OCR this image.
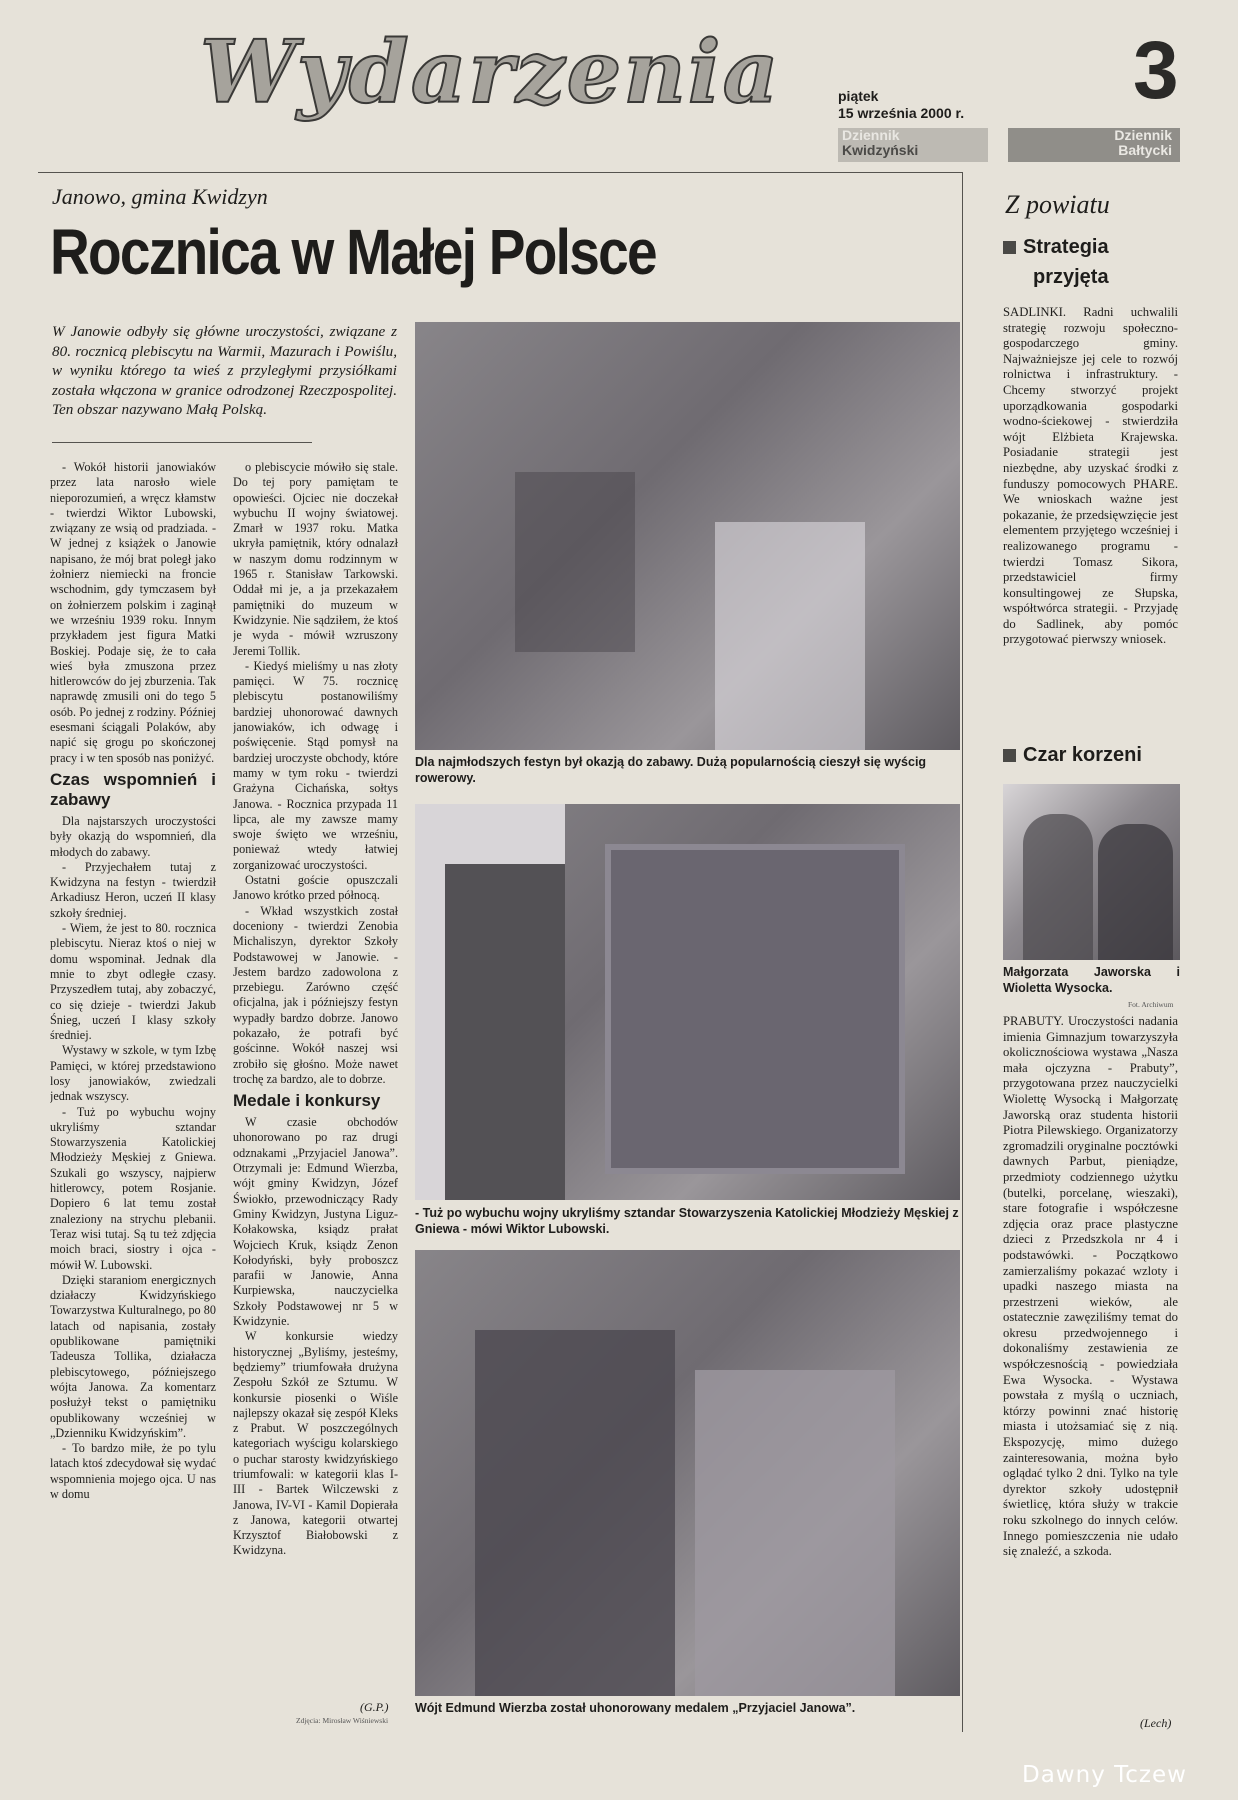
Wydarzenia	piątek
15 września 2000 r. 3
Dziennik
Kwidzyński
Dziennik
Bałtycki
Janowo, gmina Kwidzyn
Rocznica w Małej Polsce
W Janowie odbyły się główne uroczystości, związane z 80. rocznicą plebiscytu na Warmii, Mazurach i Powiślu, w wyniku którego ta wieś z przyległymi przysiółkami została włączona w granice odrodzonej Rzeczpospolitej. Ten obszar nazywano Małą Polską.

- Wokół historii janowiaków przez lata narosło wiele nieporozumień, a wręcz kłamstw - twierdzi Wiktor Lubowski, związany ze wsią od pradziada. - W jednej z książek o Janowie napisano, że mój brat poległ jako żołnierz niemiecki na froncie wschodnim, gdy tymczasem był on żołnierzem polskim i zaginął we wrześniu 1939 roku. Innym przykładem jest figura Matki Boskiej. Podaje się, że to cała wieś była zmuszona przez hitlerowców do jej zburzenia. Tak naprawdę zmusili oni do tego 5 osób. Po jednej z rodziny. Później esesmani ściągali Polaków, aby napić się grogu po skończonej pracy i w ten sposób nas poniżyć.

Czas wspomnień i zabawy

Dla najstarszych uroczystości były okazją do wspomnień, dla młodych do zabawy.

- Przyjechałem tutaj z Kwidzyna na festyn - twierdził Arkadiusz Heron, uczeń II klasy szkoły średniej.

- Wiem, że jest to 80. rocznica plebiscytu. Nieraz ktoś o niej w domu wspominał. Jednak dla mnie to zbyt odległe czasy. Przyszedłem tutaj, aby zobaczyć, co się dzieje - twierdzi Jakub Śnieg, uczeń I klasy szkoły średniej.

Wystawy w szkole, w tym Izbę Pamięci, w której przedstawiono losy janowiaków, zwiedzali jednak wszyscy.

- Tuż po wybuchu wojny ukryliśmy sztandar Stowarzyszenia Katolickiej Młodzieży Męskiej z Gniewa. Szukali go wszyscy, najpierw hitlerowcy, potem Rosjanie. Dopiero 6 lat temu został znaleziony na strychu plebanii. Teraz wisi tutaj. Są tu też zdjęcia moich braci, siostry i ojca - mówił W. Lubowski.

Dzięki staraniom energicznych działaczy Kwidzyńskiego Towarzystwa Kulturalnego, po 80 latach od napisania, zostały opublikowane pamiętniki Tadeusza Tollika, działacza plebiscytowego, późniejszego wójta Janowa. Za komentarz posłużył tekst o pamiętniku opublikowany wcześniej w „Dzienniku Kwidzyńskim”.

- To bardzo miłe, że po tylu latach ktoś zdecydował się wydać wspomnienia mojego ojca. U nas w domu

o plebiscycie mówiło się stale. Do tej pory pamiętam te opowieści. Ojciec nie doczekał wybuchu II wojny światowej. Zmarł w 1937 roku. Matka ukryła pamiętnik, który odnalazł w naszym domu rodzinnym w 1965 r. Stanisław Tarkowski. Oddał mi je, a ja przekazałem pamiętniki do muzeum w Kwidzynie. Nie sądziłem, że ktoś je wyda - mówił wzruszony Jeremi Tollik.

- Kiedyś mieliśmy u nas złoty pamięci. W 75. rocznicę plebiscytu postanowiliśmy bardziej uhonorować dawnych janowiaków, ich odwagę i poświęcenie. Stąd pomysł na bardziej uroczyste obchody, które mamy w tym roku - twierdzi Grażyna Cichańska, sołtys Janowa. - Rocznica przypada 11 lipca, ale my zawsze mamy swoje święto we wrześniu, ponieważ wtedy łatwiej zorganizować uroczystości.

Ostatni goście opuszczali Janowo krótko przed północą.

- Wkład wszystkich został doceniony - twierdzi Zenobia Michaliszyn, dyrektor Szkoły Podstawowej w Janowie. - Jestem bardzo zadowolona z przebiegu. Zarówno część oficjalna, jak i późniejszy festyn wypadły bardzo dobrze. Janowo pokazało, że potrafi być gościnne. Wokół naszej wsi zrobiło się głośno. Może nawet trochę za bardzo, ale to dobrze.

Medale i konkursy

W czasie obchodów uhonorowano po raz drugi odznakami „Przyjaciel Janowa”. Otrzymali je: Edmund Wierzba, wójt gminy Kwidzyn, Józef Świokło, przewodniczący Rady Gminy Kwidzyn, Justyna Liguz-Kołakowska, ksiądz prałat Wojciech Kruk, ksiądz Zenon Kołodyński, były proboszcz parafii w Janowie, Anna Kurpiewska, nauczycielka Szkoły Podstawowej nr 5 w Kwidzynie.

W konkursie wiedzy historycznej „Byliśmy, jesteśmy, będziemy” triumfowała drużyna Zespołu Szkół ze Sztumu. W konkursie piosenki o Wiśle najlepszy okazał się zespół Kleks z Prabut. W poszczególnych kategoriach wyścigu kolarskiego o puchar starosty kwidzyńskiego triumfowali: w kategorii klas I-III - Bartek Wilczewski z Janowa, IV-VI - Kamil Dopierała z Janowa, kategorii otwartej Krzysztof Białobowski z Kwidzyna.

(G.P.)
Zdjęcia: Mirosław Wiśniewski
Dla najmłodszych festyn był okazją do zabawy. Dużą popularnością cieszył się wyścig rowerowy.
- Tuż po wybuchu wojny ukryliśmy sztandar Stowarzyszenia Katolickiej Młodzieży Męskiej z Gniewa - mówi Wiktor Lubowski.
Wójt Edmund Wierzba został uhonorowany medalem „Przyjaciel Janowa”.
Z powiatu
Strategia
przyjęta

SADLINKI. Radni uchwalili strategię rozwoju społeczno-gospodarczego gminy. Najważniejsze jej cele to rozwój rolnictwa i infrastruktury. - Chcemy stworzyć projekt uporządkowania gospodarki wodno-ściekowej - stwierdziła wójt Elżbieta Krajewska. Posiadanie strategii jest niezbędne, aby uzyskać środki z funduszy pomocowych PHARE. We wnioskach ważne jest pokazanie, że przedsięwzięcie jest elementem przyjętego wcześniej i realizowanego programu - twierdzi Tomasz Sikora, przedstawiciel firmy konsultingowej ze Słupska, współtwórca strategii. - Przyjadę do Sadlinek, aby pomóc przygotować pierwszy wniosek.

Czar korzeni
Małgorzata Jaworska i Wioletta Wysocka.
Fot. Archiwum

PRABUTY. Uroczystości nadania imienia Gimnazjum towarzyszyła okolicznościowa wystawa „Nasza mała ojczyzna - Prabuty”, przygotowana przez nauczycielki Wiolettę Wysocką i Małgorzatę Jaworską oraz studenta historii Piotra Pilewskiego. Organizatorzy zgromadzili oryginalne pocztówki dawnych Parbut, pieniądze, przedmioty codziennego użytku (butelki, porcelanę, wieszaki), stare fotografie i współczesne zdjęcia oraz prace plastyczne dzieci z Przedszkola nr 4 i podstawówki. - Początkowo zamierzaliśmy pokazać wzloty i upadki naszego miasta na przestrzeni wieków, ale ostatecznie zawęziliśmy temat do okresu przedwojennego i dokonaliśmy zestawienia ze współczesnością - powiedziała Ewa Wysocka. - Wystawa powstała z myślą o uczniach, którzy powinni znać historię miasta i utożsamiać się z nią. Ekspozycję, mimo dużego zainteresowania, można było oglądać tylko 2 dni. Tylko na tyle dyrektor szkoły udostępnił świetlicę, która służy w trakcie roku szkolnego do innych celów. Innego pomieszczenia nie udało się znaleźć, a szkoda.

(Lech)
Dawny Tczew
